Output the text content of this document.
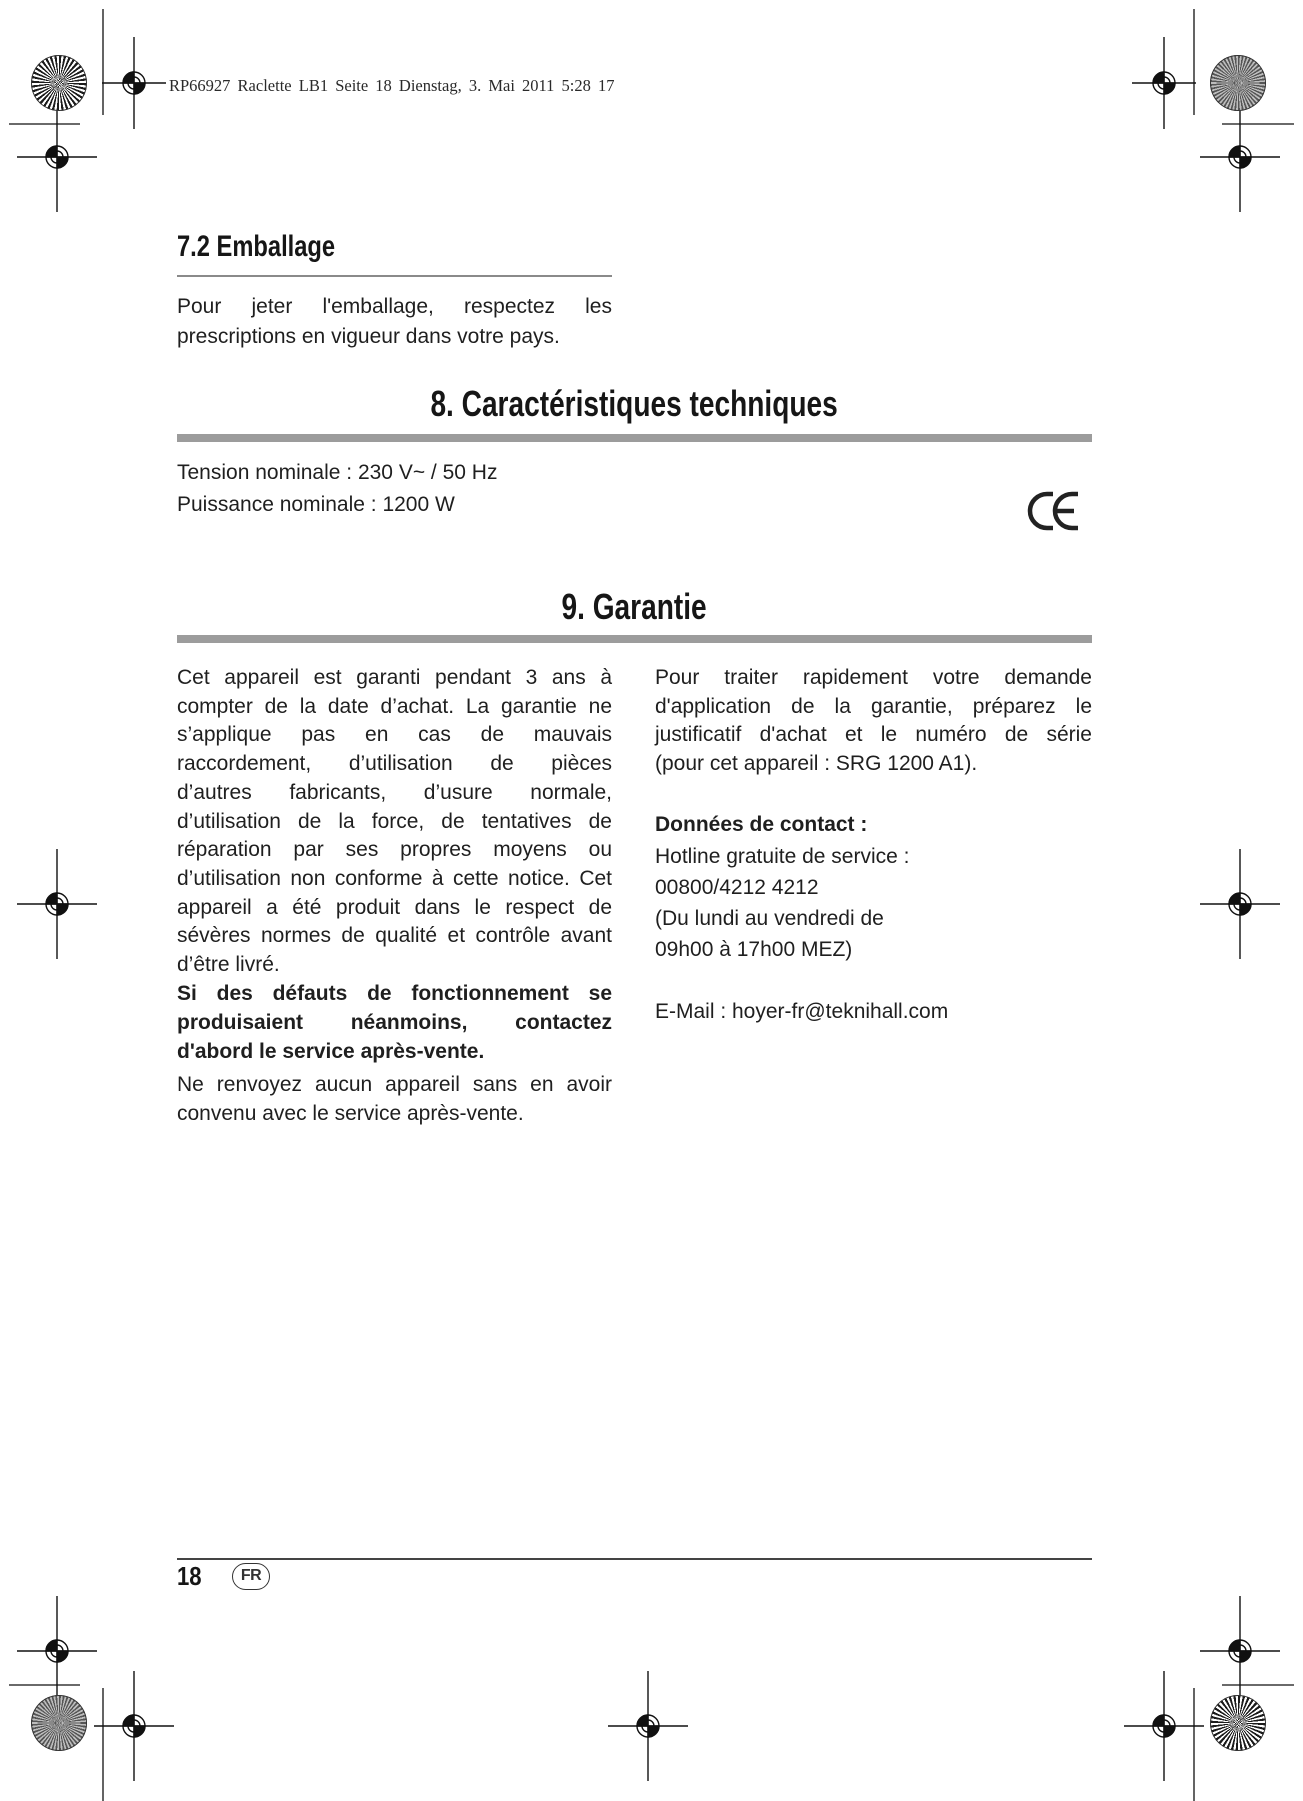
RP66927 Raclette LB1 Seite 18 Dienstag, 3. Mai 2011 5:28 17
7.2 Emballage
Pour jeter l'emballage, respectez les
prescriptions en vigueur dans votre pays.
8. Caractéristiques techniques
Tension nominale : 230 V~ / 50 Hz
Puissance nominale : 1200 W
9. Garantie
Cet appareil est garanti pendant 3 ans à
compter de la date d’achat. La garantie ne
s’applique pas en cas de mauvais
raccordement, d’utilisation de pièces
d’autres fabricants, d’usure normale,
d’utilisation de la force, de tentatives de
réparation par ses propres moyens ou
d’utilisation non conforme à cette notice. Cet
appareil a été produit dans le respect de
sévères normes de qualité et contrôle avant
d’être livré.
Si des défauts de fonctionnement se
produisaient néanmoins, contactez
d'abord le service après-vente.
Ne renvoyez aucun appareil sans en avoir
convenu avec le service après-vente.
Pour traiter rapidement votre demande
d'application de la garantie, préparez le
justificatif d'achat et le numéro de série
(pour cet appareil : SRG 1200 A1).
Données de contact :
Hotline gratuite de service :
00800/4212 4212
(Du lundi au vendredi de
09h00 à 17h00 MEZ)
E-Mail : hoyer-fr@teknihall.com
18	FR
